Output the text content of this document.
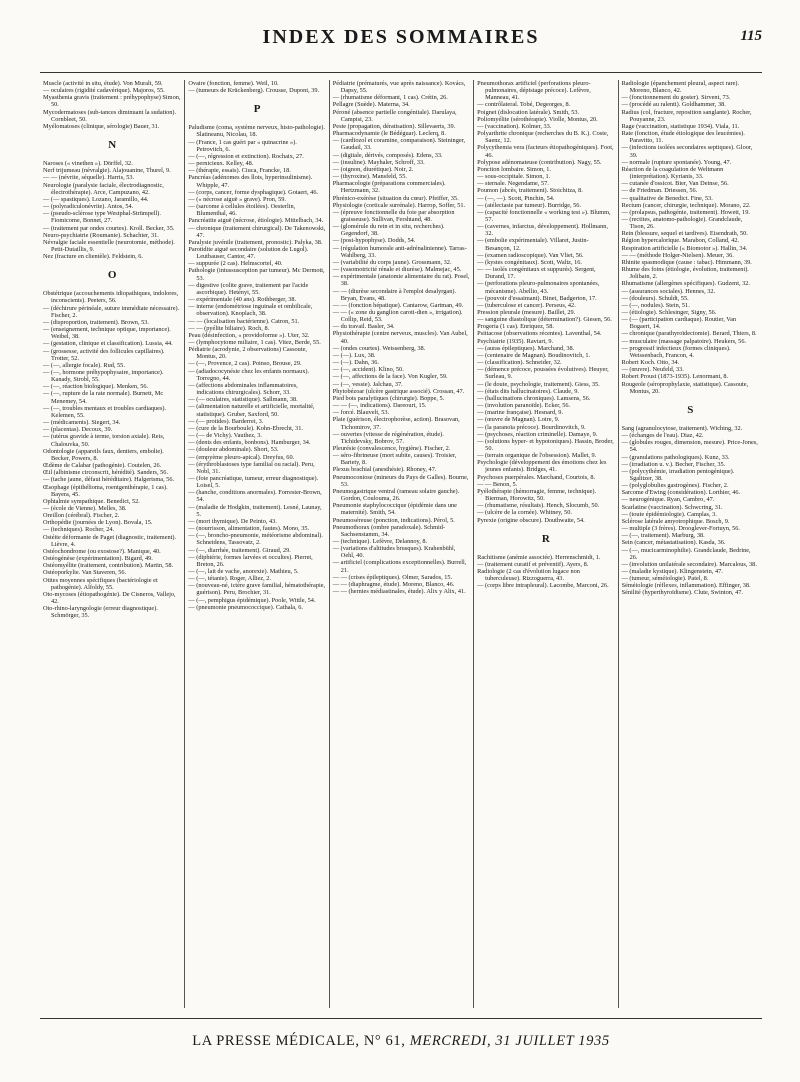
INDEX DES SOMMAIRES	115

Muscle (activité in situ, étude). Von Muralt, 59.

— oculaires (rigidité cadavérique). Majoros, 55.

Myasthenia gravis (traitement : préhypophyse) Simon, 50.

Mycodermatoses (sub-tances diminuant la sudation). Cornbleet, 50.

Myélomatoses (clinique, sérologie) Bauer, 31.

N

Naroses (« vinethen »). Dörffel, 32.

Nerf trijumeau (névralgie). Alajouanine, Thurel, 9.

— — (névrite, séquelle). Harris, 53.

Neurologie (paralysie faciale, électrodiagnostic, électrothérapie). Arce, Campuzano, 42.

— (— spastiques). Lozano, Jaramillo, 44.

— (polyradiculonévrite). Antos, 54.

— (pseudo-sclérose type Westphal-Strümpell). Fiomicome, Bonnet, 27.

— (traitement par ondes courtes). Kroll. Becker, 35.

Neuro-psychiatrie (Roumanie). Schachter, 31.

Névralgie faciale essentielle (neurotomie, méthode). Petit-Dutaillis, 9.

Nez (fracture en clientèle). Feldstein, 6.

O

Obstétrique (accouchements idiopathiques, indolores, inconscients). Peeters, 56.

— (déchirure périnéale, suture immédiate nécessaire). Fischer, 2.

— (disproportion, traitement). Brown, 53.

— (enseignement, technique optique, importance). Weibel, 38.

— (gestation, clinique et classification). Lussia, 44.

— (grossesse, activité des follicules capillaires). Trotter, 52.

— (—, allergie focale). Rud, 55.

— (—, hormone préhypophysaire, importance). Kanady, Strobl, 55.

— (—, réaction biologique). Menken, 56.

— (—, rupture de la rate normale). Burnett, Mc Menemey, 54.

— (—, troubles mentaux et troubles cardiaques). Kelemen, 55.

— (médicaments). Siegert, 34.

— (placentas). Decoux, 39.

— (utérus gravide à terme, torsion axiale). Reis, Chalouvka, 50.

Odontologie (appareils faux, dentiers, embolie). Becker, Powers, 8.

Œdème de Calabar (pathogénie). Coutelen, 26.

Œil (albinisme circonscrit, hérédité). Sanders, 56.

— (tache jaune, défaut héréditaire). Halgertsma, 56.

Œsophage (épithélioma, roentgenthérapie, 1 cas). Bayera, 45.

Ophtalmie sympathique. Benedict, 52.

— (école de Vienne). Melles, 38.

Oreillon (cérébral). Fischer, 2.

Orthopédie (journées de Lyon). Bovala, 15.

— (techniques). Rocher, 24.

Ostéite déformante de Paget (diagnostic, traitement). Lièvre, 4.

Ostéochondrome (ou exostose?). Manique, 40.

Ostéogénèse (expérimentation). Bigard, 49.

Ostéomyélite (traitement, contribution). Martin, 58.

Ostéoporkylie. Van Staveren, 56.

Otites moyennes spécifiques (bactériologie et pathogénie). Alfoldy, 55.

Oto-mycoses (étiopathogénie). De Cisneros, Vallejo, 42.

Oto-rhino-laryngologie (erreur diagnostique). Schmörger, 35.

Ovaire (fonction, femme). Weil, 10.

— (tumeurs de Krückenberg). Crousse, Dupont, 39.

P

Paludisme (coma, système nerveux, histo-pathologie). Slatineanu, Nicolau, 18.

— (France, 1 cas guéri par « quinacrine »). Petrovitch, 6.

— (—, régression et extinction). Rochaix, 27.

— pernicieux. Kelley, 48.

— (thérapie, essais). Ciuca, Francke, 18.

Pancréas (adénomes des îlots, hyperinsulinisme). Whipple, 47.

— (corps, cancer, forme dysphagique). Gotaert, 46.

— (« nécrose aiguë » grave). Pron, 59.

— (sarcome à cellules étoilées). Oesterlin, Blumenthal, 46.

Pancréatite aiguë (nécrose, étiologie). Mittelbach, 34.

— chronique (traitement chirurgical). De Takenowski, 47.

Paralysie juvénile (traitement, pronostic). Palyka, 38.

Parotidite aiguë secondaire (solution de Lugol). Leutbauser, Cantor, 47.

— suppurée (2 cas). Helmscortel, 40.

Pathologie (intussusception par tumeur). Mc Dermott, 53.

— digestive (colite grave, traitement par l'acide ascorbique). Hetényi, 55.

— expérimentale (40 ans). Rothberger, 38.

— interne (endométriose inguinale et ombilicale, observation). Knoplach, 38.

— — (localisation bactérienne). Catron, 51.

— — (pyélite biliaire). Roch, 8.

Peau (désinfection, « providoforme »). Uter, 32.

— (lymphocytome miliaire, 1 cas). Vitez, Berde, 55.

Pédiatrie (acrodynie, 2 observations) Cassoute, Montus, 20.

— (—, Provence, 2 cas). Poinso, Brouse, 29.

— (adiadococynésie chez les enfants normaux). Torregno, 44.

— (affections abdominales inflammatoires, indications chirurgicales). Schorr, 33.

— (— oculaires, statistique). Sallmann, 38.

— (alimentation naturelle et artificielle, mortalité, statistique). Gruber, Saxford, 50.

— (— protides). Barderret, 3.

— (cure de la Bourboule). Kohn-Ebrecht, 31.

— (— de Vichy). Vauthez, 3.

— (dents des enfants, bonbons). Hamburger, 34.

— (douleur abdominale). Short, 53.

— (empyème pleuro-apical). Dreyfus, 60.

— (érythroblastoses type familial ou racial). Peru, Nobl, 31.

— (foie pancréatique, tumeur, erreur diagnostique). Loisel, 5.

— (hanche, conditions anormales). Forrester-Brown, 54.

— (maladie de Hodgkin, traitement). Lesné, Launay, 5.

— (mort thymique). De Peinto, 43.

— (nourrisson, alimentation, fautes). Mono, 35.

— (—, broncho-pneumonie, météorisme abdominal). Schneidens, Tassovatz, 2.

— (—, diarrhée, traitement). Giraud, 29.

— (diphtérie, formes larvées et occultes). Pierret, Breton, 26.

— (—, lait de vache, anorexie). Mathieu, 5.

— (—, tétanie). Roger, Alliez, 2.

— (nouveau-né, ictère grave familial, hématothérapie, guérison). Peru, Brochier, 31.

— (—, pemphigus épidémique). Poole, Wittle, 54.

— (pneumonie pneumococcique). Cathala, 6.

Pédiatrie (prématurés, vue après naissance). Kovács, Dapsy, 55.

— (rhumatisme déformant, 1 cas). Crétin, 26.

Pellagre (Suède). Materna, 34.

Péroné (absence partielle congénitale). Darulaya, Campisi, 23.

Peste (propagation, dératisation). Sillevaerts, 39.

Pharmacodynamie (le Bédéguar). Leclerq, 8.

— (cardiozol et coramine, comparaison). Steininger, Gaudail, 33.

— (digitale, dérivés, composés). Edens, 33.

— (insuline). Mayhaler, Schroff, 33.

— (oignon, diurétique). Noir, 2.

— (thyroxine). Mansfeld, 55.

Pharmacologie (préparations commerciales). Hertzmann, 32.

Phrénico-exérèse (situation du cœur). Pfeiffer, 35.

Physiologie (corticale surrénale). Harrop, Soffer, 51.

— (épreuve fonctionnelle du foie par absorption graisseuse). Sullivan, Fershtand, 48.

— (glomérule du rein et in situ, recherches). Gegendorf, 38.

— (post-hypophyse). Dodds, 54.

— (régulation humorale anti-adrénalinienne). Tarras-Wahlberg, 33.

— (variabilité du corps jaune). Grossmann, 32.

— (vasomotricité rénale et diurèse). Malmejac, 45.

— expérimentale (anatomie alimentaire du rat). Posel, 38.

— — (diurèse secondaire à l'emploi desalyrgan). Bryan, Evans, 48.

— — (fonction hépatique). Cantarow, Gartman, 49.

— — (« zone du ganglion caroti-dien », irrigation). Collip, Reid, 53.

— du travail. Basler, 34.

Physiothérapie (centre nerveux, muscles). Van Aubel, 40.

— (ondes courtes). Weissenberg, 38.

— (—). Lux, 38.

— (—). Dahn, 36.

— (—, accident). Klino, 50.

— (—, affections de la face). Von Kugler, 59.

— (—, vessie). Jalchau, 37.

Phytobézoar (ulcère gastrique associé). Crossan, 47.

Pied bots paralytiques (chirurgie). Boppe, 5.

— — (—, indications). Dareourt, 15.

— forcé. Blauvelt, 53.

Plaie (guérison, électrophorèse, action). Brasovan, Tichomirov, 37.

— ouvertes (vitesse de régénération, étude). Tichidevsky, Bobrov, 57.

Pleurésie (convalescence, hygiène). Fischer, 2.

— séro-fibrineuse (mort subite, causes). Troisier, Bariety, 8.

Plexus brachial (anesthésie). Rhoney, 47.

Pneumoconiose (mineurs du Pays de Galles). Bourne, 53.

Pneumogastrique ventral (rameau solaire gauche). Gordon, Coulouma, 26.

Pneumonie staphylococcique (épidémie dans une maternité). Smith, 54.

Pneumoséreuse (ponction, indications). Pérol, 5.

Pneumothorax (ombre paradoxale). Schmid-Sachsenstamm, 34.

— (technique). Lefèvre, Delannoy, 8.

— (variations d'altitudes brusques). Krahenbühl, Oehl, 40.

— artificiel (complications exceptionnelles). Burrell, 21.

— — (crises épileptiques). Olmer, Sarados, 15.

— — (diaphragme, étude). Moreno, Blanco, 46.

— — (hernies médiastinales, étude). Alix y Alix, 41.

Pneumothorax artificiel (perforations pleuro-pulmonaires, dépistage précoce). Lefèvre, Manneau, 41.

— contrôlateral. Tobé, Degeorges, 8.

Poignet (dislocation latérale). Smith, 53.

Poliomyélite (sérothérapie). Violle, Montus, 20.

— (vaccination). Kolmer, 33.

Polyarthrite chronique (recherches du B. K.). Coste, Saenz, 12.

Polycythemia vera (facteurs étiopathogéniques). Foot, 46.

Polypose adénomateuse (contribution). Nagy, 55.

Ponction lombaire. Simon, 1.

— sous-occipitale. Simon, 1.

— sternale. Negendame, 57.

Poumon (abcès, traitement). Stoichitza, 8.

— (—, —). Scott, Pinchin, 54.

— (atélectasie par tumeur). Burridge, 56.

— (capacité fonctionnelle « working test »). Blumm, 57.

— (cavernes, infarctus, développement). Hollmann, 32.

— (embolie expérimentale). Villaret, Justin-Besançon, 12.

— (examen radioscopique). Van Vliet, 56.

— (kystes congénitaux). Scott, Waltz, 16.

— — isolés congénitaux et suppurés). Sergent, Durand, 17.

— (perforations pleuro-pulmonaires spontanées, mécanisme). Abellio, 43.

— (pouvoir d'essaimant). Binet, Badgerton, 17.

— (tuberculose et cancer). Perseus, 42.

Pression pleurale (mesure). Baillet, 29.

— sanguine diastolique (détermination?). Giesen, 56.

Progeria (1 cas). Enriquez, 58.

Psittacose (observations récentes). Laventhal, 54.

Psychiatrie (1935). Raviart, 9.

— (auras épileptiques). Marchand, 38.

— (centenaire de Magnan). Boudinovitch, 1.

— (classification). Schneider, 32.

— (démence précoce, poussées évolutives). Heuyer, Surleau, 9.

— (le doute, psychologie, traitement). Giess, 35.

— (états dits hallucinatoires). Claude, 9.

— (hallucinations chroniques). Lamsens, 56.

— (involution paranoïde). Ecker, 56.

— (marine française). Hesnard, 9.

— (œuvre de Magnan). Loire, 9.

— (la paranoïa précoce). Bourdinovitch, 9.

— (psychoses, réaction criminelle). Damaye, 9.

— (solutions hyper- et hypotoniques). Hassin, Broder, 50.

— (terrain organique de l'obsession). Mallet, 9.

Psychologie (développement des émotions chez les jeunes enfants). Bridges, 41.

Psychoses puerpérales. Marchand, Courtois, 8.

— — Benon, 5.

Pyélothérapie (hémorragie, femme, technique). Bierman, Horowitz, 50.

— (rhumatisme, résultats). Hench, Slocumb, 50.

— (ulcère de la cornée). Whitney, 50.

Pyrexie (origine obscure). Douthwaite, 54.

R

Rachitisme (anémie associée). Herrenschmidt, 1.

— (traitement curatif et préventif). Ayers, 8.

Radiologie (2 cas d'évolution lugace non tuberculeuse). Rizzoguerra, 43.

— (corps libre intrapleural). Lacombe, Marconi, 26.

Radiologie (épanchement pleural, aspect rare). Moreno, Blanco, 42.

— (fonctionnement du goster). Sirvent, 73.

— (procédé au ralenti). Goldhammer, 38.

Radius (col, fracture, reposition sanglante). Rocher, Pouyanne, 23.

Rage (vaccination, statistique 1934). Viala, 11.

Rate (fonction, étude étiologique des leucémies). Paravitto, 11.

— (infections isolées secondaires septiques). Gloor, 39.

— normale (rupture spontanée). Young, 47.

Réaction de la coagulation de Weltmann (interprétation). Kyrianis, 33.

— cutanée d'ossicot. Bier, Van Deinse, 56.

— de Friedman. Driessen, 56.

— qualitative de Benedict. Fine, 53.

Rectum (cancer, chirurgie, technique). Morano, 22.

— (prolapsus, pathogénie, traitement). Howett, 19.

— (rectites, anatomo-pathologie). Grandclaude, Tison, 26.

Rein (blessure, sequel et tardives). Eisendrath, 50.

Région hypercalorique. Marabon, Colland, 42.

Respiration artificielle (« Biomotor »). Hallin, 34.

— — (méthode Holger-Nielsen). Meuer, 36.

Rhinite spasmodique (cause : tabac). Himmann, 39.

Rhume des foins (étiologie, évolution, traitement). Jolibain, 2.

Rhumatisme (allergènes spécifiques). Gudzent, 32.

— (assurances sociales). Hennes, 32.

— (douleurs). Schuldt, 55.

— (—, nodules). Stein, 51.

— (étiologie). Schlesinger, Signy, 56.

— (— (participation cardiaque). Routier, Van Bogaert, 14.

— chronique (parathyroïdectomie). Berard, Thiers, 8.

— musculaire (massage palpatoire). Heukers, 56.

— progressif infectieux (formes cliniques). Weissenbach, Francon, 4.

Robert Koch. Otto, 34.

— (œuvre). Neufeld, 33.

Robert Proust (1873-1935). Lenormant, 8.

Rougeole (séroprophylaxie, statistique). Cassoute, Montus, 20.

S

Sang (agranulocytose, traitement). Wiching, 32.

— (échanges de l'eau). Diaz, 42.

— (globules rouges, dimension, mesure). Price-Jones, 54.

— (granulations pathologiques). Kunz, 33.

— (irradiation u. v.). Becher, Fischer, 35.

— (polycythémie, irradiation pentogénique). Sgalitzer, 38.

— (polyglobulies gastrogènes). Fischer, 2.

Sarcome d'Ewing (considération). Lorthier, 46.

— neurogénique. Ryan, Cambro, 47.

Scarlatine (vaccination). Schwcring, 31.

— (toute épidémiologie). Camplas, 3.

Sclérose latérale amyotrophique. Bosch, 9.

— multiple (3 frères). Drooglever-Fortuyn, 56.

— (—, traitement). Marburg, 38.

Sein (cancer, métastatisation). Kasda, 36.

— (—, mucicarminophilie). Grandclaude, Bedrine, 26.

— (involution unilatérale secondaire). Marcalous, 38.

— (maladie kystique). Klingenstein, 47.

— (tumeur, séméiologie). Patel, 8.

Séméiologie (réflexes, inflammation). Effinger, 38.

Sénilité (hyperthyroïdisme). Clute, Swinton, 47.

LA PRESSE MÉDICALE, N° 61, MERCREDI, 31 JUILLET 1935
